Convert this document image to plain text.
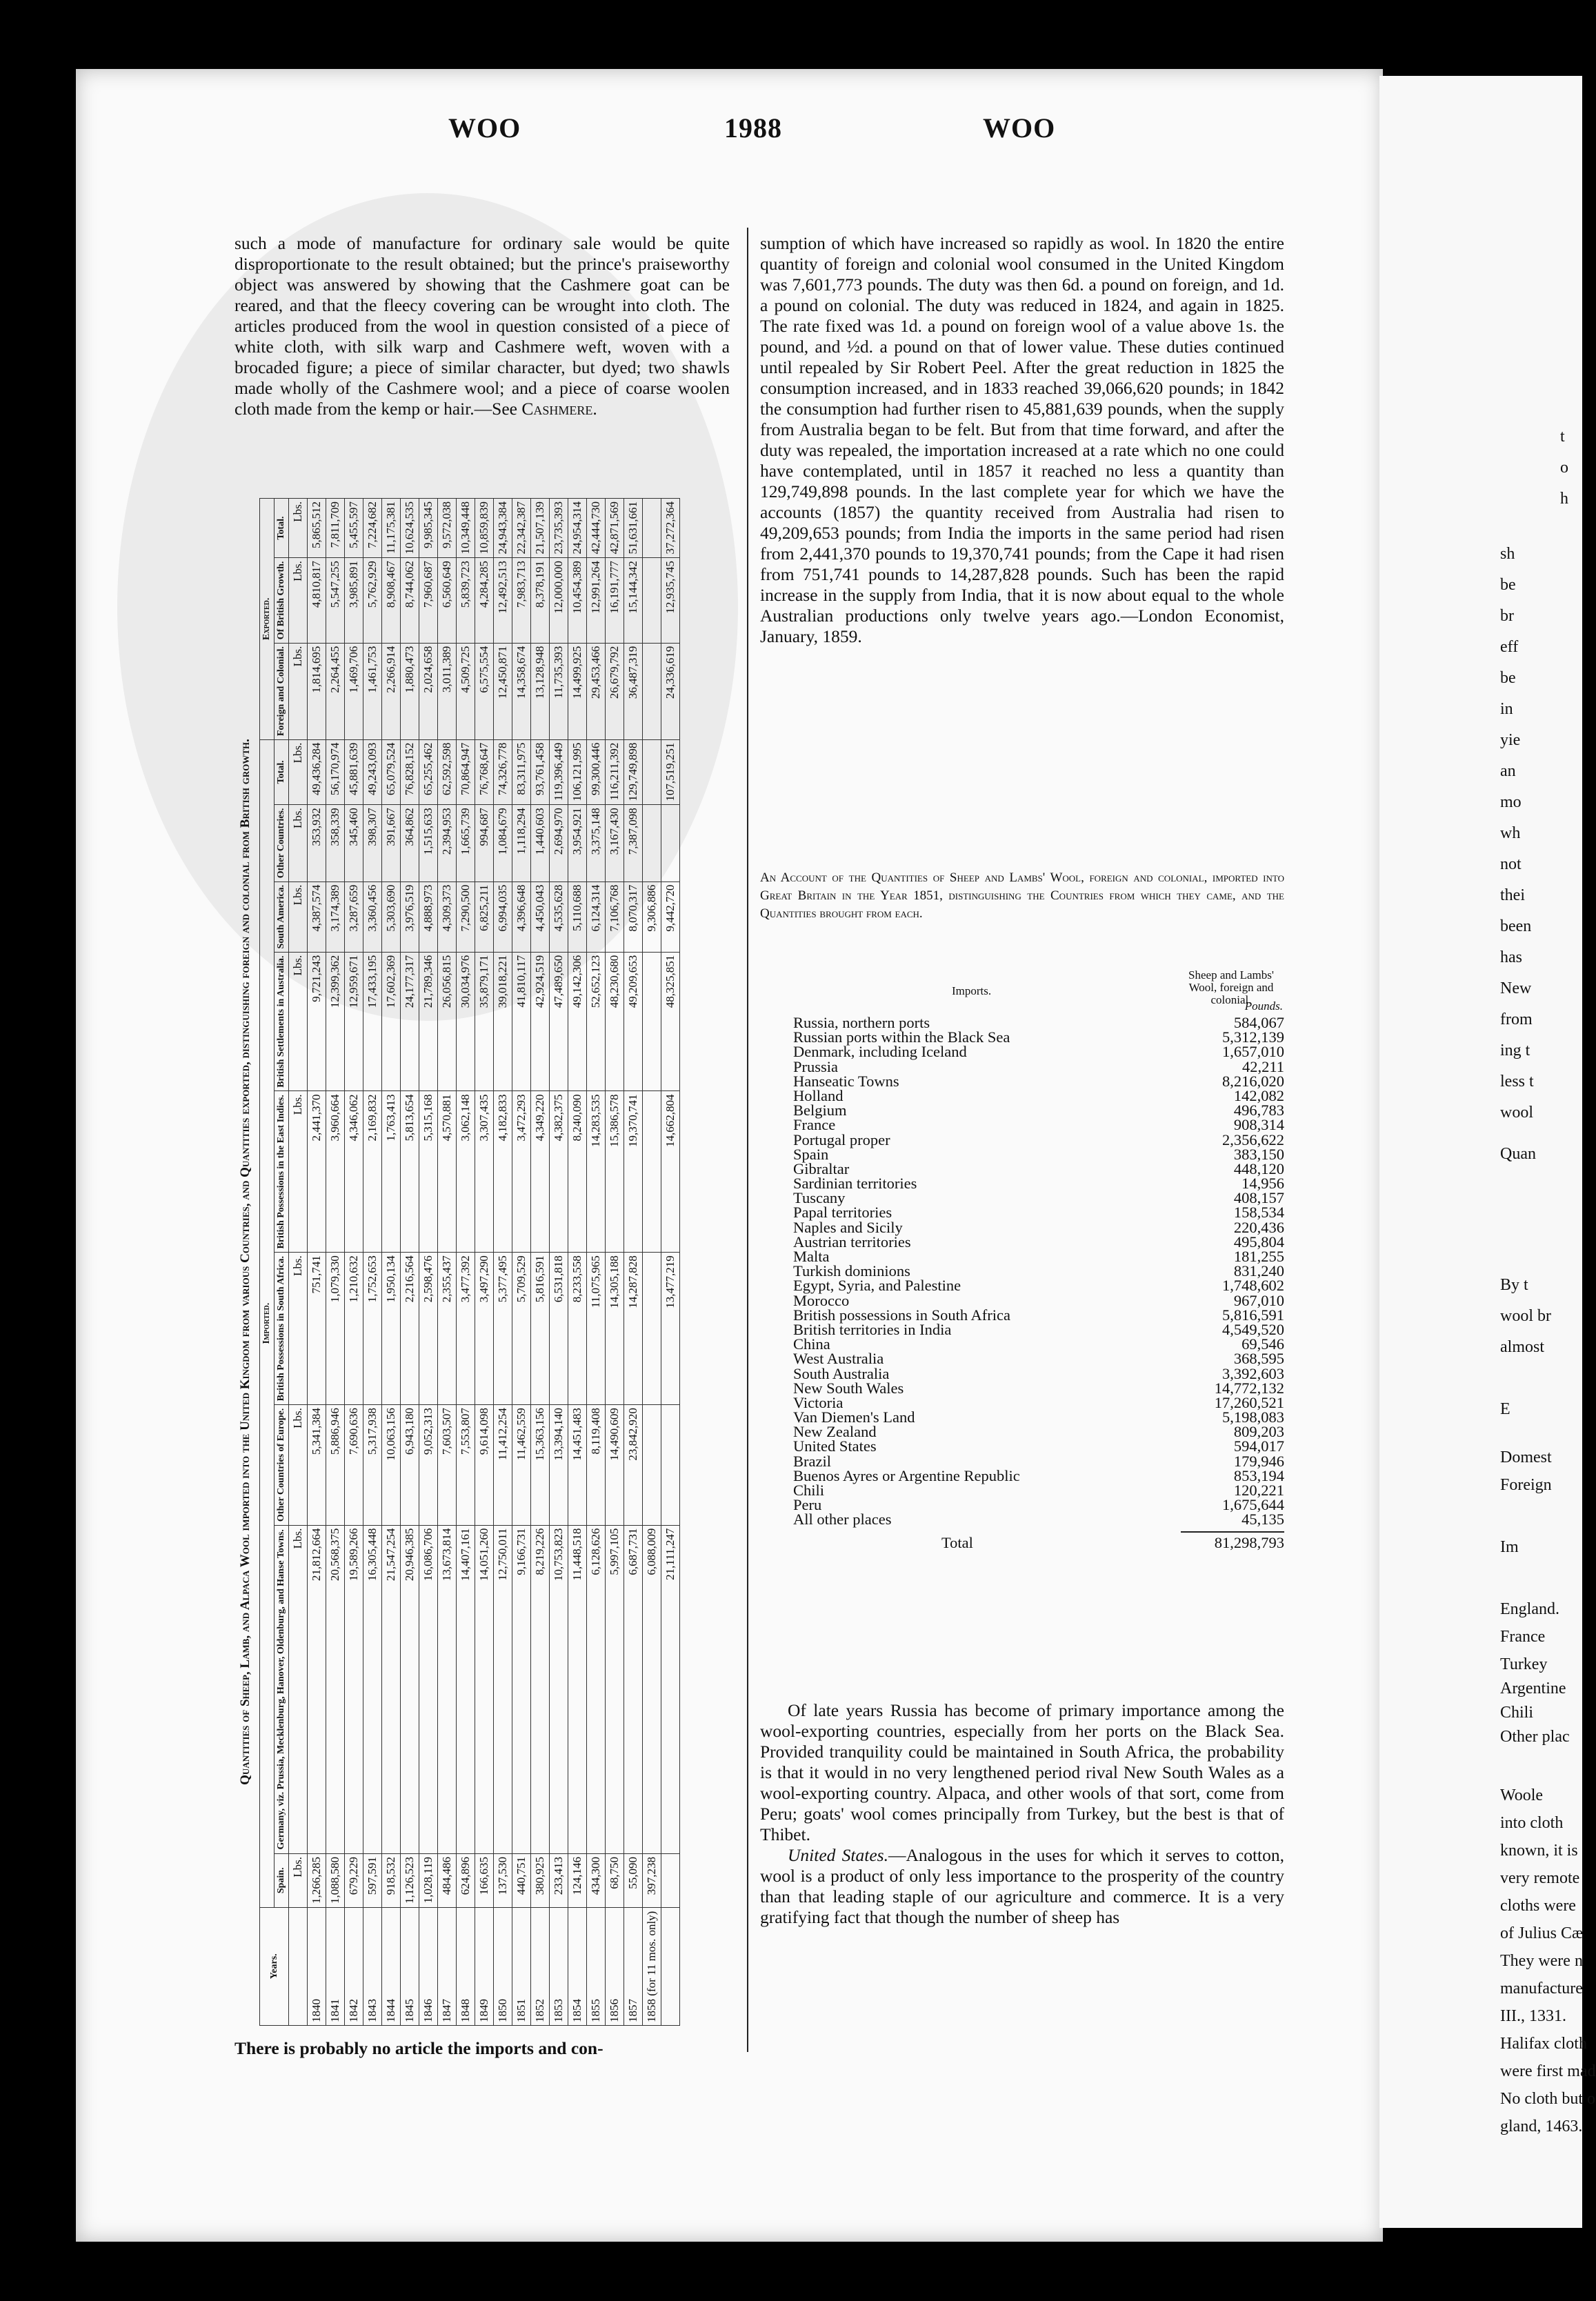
WOO	1988	WOO

such a mode of manufacture for ordinary sale would be quite disproportionate to the result obtained; but the prince's praiseworthy object was answered by showing that the Cashmere goat can be reared, and that the fleecy covering can be wrought into cloth. The articles produced from the wool in question consisted of a piece of white cloth, with silk warp and Cashmere weft, woven with a brocaded figure; a piece of similar character, but dyed; two shawls made wholly of the Cashmere wool; and a piece of coarse woolen cloth made from the kemp or hair.—See Cashmere.

Quantities of Sheep, Lamb, and Alpaca Wool imported into the United Kingdom from various Countries, and Quantities exported, distinguishing foreign and colonial from British growth.
Years.	Imported.									Exported.		
	Spain.	Germany, viz. Prussia, Mecklenburg, Hanover, Oldenburg, and Hanse Towns.	Other Countries of Europe.	British Possessions in South Africa.	British Possessions in the East Indies.	British Settlements in Australia.	South America.	Other Countries.	Total.	Foreign and Colonial.	Of British Growth.	Total.
	Lbs.	Lbs.	Lbs.	Lbs.	Lbs.	Lbs.	Lbs.	Lbs.	Lbs.	Lbs.	Lbs.	Lbs.
1840	1,266,285	21,812,664	5,341,384	751,741	2,441,370	9,721,243	4,387,574	353,932	49,436,284	1,814,695	4,810,817	5,865,512
1841	1,088,580	20,568,375	5,886,946	1,079,330	3,960,664	12,399,362	3,174,389	358,339	56,170,974	2,264,455	5,547,255	7,811,709
1842	679,229	19,589,266	7,690,636	1,210,632	4,346,062	12,959,671	3,287,659	345,460	45,881,639	1,469,706	3,985,891	5,455,597
1843	597,591	16,305,448	5,317,938	1,752,653	2,169,832	17,433,195	3,360,456	398,307	49,243,093	1,461,753	5,762,929	7,224,682
1844	918,532	21,547,254	10,063,156	1,950,134	1,763,413	17,602,369	5,303,690	391,667	65,079,524	2,266,914	8,908,467	11,175,381
1845	1,126,523	20,946,385	6,943,180	2,216,564	5,813,654	24,177,317	3,976,519	364,862	76,828,152	1,880,473	8,744,062	10,624,535
1846	1,028,119	16,086,706	9,052,313	2,598,476	5,315,168	21,789,346	4,888,973	1,515,633	65,255,462	2,024,658	7,960,687	9,985,345
1847	484,486	13,673,814	7,603,507	2,355,437	4,570,881	26,056,815	4,309,373	2,394,953	62,592,598	3,011,389	6,560,649	9,572,038
1848	624,896	14,407,161	7,553,807	3,477,392	3,062,148	30,034,976	7,290,500	1,665,739	70,864,947	4,509,725	5,839,723	10,349,448
1849	166,635	14,051,260	9,614,098	3,497,290	3,307,435	35,879,171	6,825,211	994,687	76,768,647	6,575,554	4,284,285	10,859,839
1850	137,530	12,750,011	11,412,254	5,377,495	4,182,833	39,018,221	6,994,035	1,084,679	74,326,778	12,450,871	12,492,513	24,943,384
1851	440,751	9,166,731	11,462,559	5,709,529	3,472,293	41,810,117	4,396,648	1,118,294	83,311,975	14,358,674	7,983,713	22,342,387
1852	380,925	8,219,226	15,363,156	5,816,591	4,349,220	42,924,519	4,450,043	1,440,603	93,761,458	13,128,948	8,378,191	21,507,139
1853	233,413	10,753,823	13,394,140	6,531,818	4,382,375	47,489,650	4,535,628	2,694,970	119,396,449	11,735,393	12,000,000	23,735,393
1854	124,146	11,448,518	14,451,483	8,233,558	8,240,090	49,142,306	5,110,688	3,954,921	106,121,995	14,499,925	10,454,389	24,954,314
1855	434,300	6,128,626	8,119,408	11,075,965	14,283,535	52,652,123	6,124,314	3,375,148	99,300,446	29,453,466	12,991,264	42,444,730
1856	68,750	5,997,105	14,490,609	14,305,188	15,386,578	48,230,680	7,106,768	3,167,430	116,211,392	26,679,792	16,191,777	42,871,569
1857	55,090	6,687,731	23,842,920	14,287,828	19,370,741	49,209,653	8,070,317	7,387,098	129,749,898	36,487,319	15,144,342	51,631,661
1858 (for 11 mos. only)	397,238	6,088,009					9,306,886					
		21,111,247		13,477,219	14,662,804	48,325,851	9,442,720		107,519,251	24,336,619	12,935,745	37,272,364
There is probably no article the imports and con-
sumption of which have increased so rapidly as wool. In 1820 the entire quantity of foreign and colonial wool consumed in the United Kingdom was 7,601,773 pounds. The duty was then 6d. a pound on foreign, and 1d. a pound on colonial. The duty was reduced in 1824, and again in 1825. The rate fixed was 1d. a pound on foreign wool of a value above 1s. the pound, and ½d. a pound on that of lower value. These duties continued until repealed by Sir Robert Peel. After the great reduction in 1825 the consumption increased, and in 1833 reached 39,066,620 pounds; in 1842 the consumption had further risen to 45,881,639 pounds, when the supply from Australia began to be felt. But from that time forward, and after the duty was repealed, the importation increased at a rate which no one could have contemplated, until in 1857 it reached no less a quantity than 129,749,898 pounds. In the last complete year for which we have the accounts (1857) the quantity received from Australia had risen to 49,209,653 pounds; from India the imports in the same period had risen from 2,441,370 pounds to 19,370,741 pounds; from the Cape it had risen from 751,741 pounds to 14,287,828 pounds. Such has been the rapid increase in the supply from India, that it is now about equal to the whole Australian productions only twelve years ago.—London Economist, January, 1859.
An Account of the Quantities of Sheep and Lambs' Wool, foreign and colonial, imported into Great Britain in the Year 1851, distinguishing the Countries from which they came, and the Quantities brought from each.
Imports.
Sheep and Lambs' Wool, foreign and colonial.
Pounds.
Russia, northern ports	584,067
Russian ports within the Black Sea	5,312,139
Denmark, including Iceland	1,657,010
Prussia	42,211
Hanseatic Towns	8,216,020
Holland	142,082
Belgium	496,783
France	908,314
Portugal proper	2,356,622
Spain	383,150
Gibraltar	448,120
Sardinian territories	14,956
Tuscany	408,157
Papal territories	158,534
Naples and Sicily	220,436
Austrian territories	495,804
Malta	181,255
Turkish dominions	831,240
Egypt, Syria, and Palestine	1,748,602
Morocco	967,010
British possessions in South Africa	5,816,591
British territories in India	4,549,520
China	69,546
West Australia	368,595
South Australia	3,392,603
New South Wales	14,772,132
Victoria	17,260,521
Van Diemen's Land	5,198,083
New Zealand	809,203
United States	594,017
Brazil	179,946
Buenos Ayres or Argentine Republic	853,194
Chili	120,221
Peru	1,675,644
All other places	45,135
Total	81,298,793

Of late years Russia has become of primary importance among the wool-exporting countries, especially from her ports on the Black Sea. Provided tranquility could be maintained in South Africa, the probability is that it would in no very lengthened period rival New South Wales as a wool-exporting country. Alpaca, and other wools of that sort, come from Peru; goats' wool comes principally from Turkey, but the best is that of Thibet.

United States.—Analogous in the uses for which it serves to cotton, wool is a product of only less importance to the prosperity of the country than that leading staple of our agriculture and commerce. It is a very gratifying fact that though the number of sheep has

t
o
h
sh
be
br
eff
be
in
yie
an
mo
wh
not
thei
been
has
New
from
ing t
less t
wool
Quan
By t
wool br
almost
E
Domest
Foreign
Im
England.
France
Turkey
Argentine
Chili
Other plac
Woole
into cloth
known, it is
very remote
cloths were
of Julius Cæ
They were n
manufacture
III., 1331.
Halifax cloth
were first mad
No cloth but o
gland, 1463.
